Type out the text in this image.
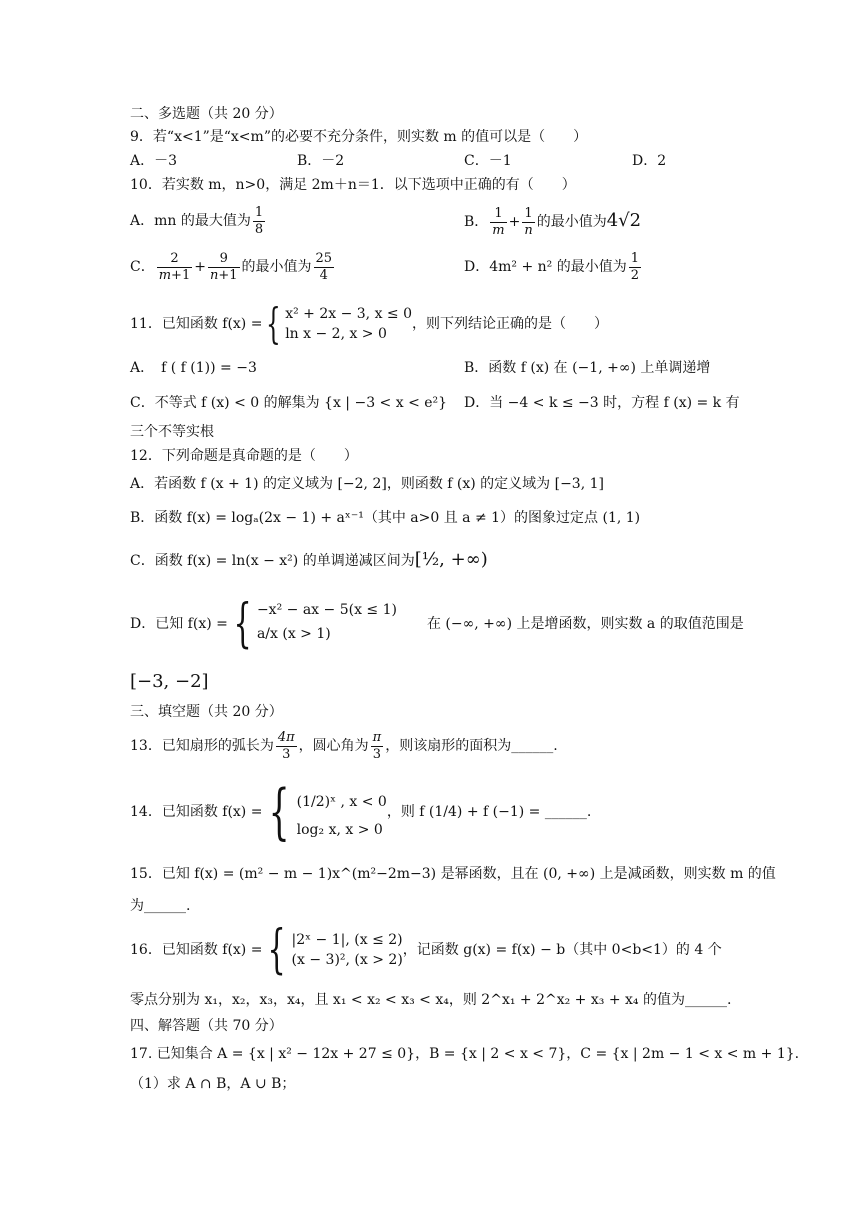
二、多选题（共 20 分）
9．若“x<1”是“x<m”的必要不充分条件，则实数 m 的值可以是（　　）
A．－3	B．－2	C．－1	D．2
10．若实数 m，n>0，满足 2m＋n＝1．以下选项中正确的有（　　）
A．mn 的最大值为 $\frac{1}{8}$	B． $\frac{1}{m} + \frac{1}{n}$ 的最小值为4√2
C． $\frac{2}{m+1} + \frac{9}{n+1}$ 的最小值为 $\frac{25}{4}$	D．4m² + n² 的最小值为 $\frac{1}{2}$
11．已知函数 f(x) ={ x² + 2x − 3, x ≤ 0
ln x − 2, x > 0
，则下列结论正确的是（　　）
A．　f ( f (1)) = −3	B．函数 f (x) 在 (−1, +∞) 上单调递增
C．不等式 f (x) < 0 的解集为 {x | −3 < x < e²} D．当 −4 < k ≤ −3 时，方程 f (x) = k 有
三个不等实根
12．下列命题是真命题的是（　　）
A．若函数 f (x + 1) 的定义域为 [−2, 2]，则函数 f (x) 的定义域为 [−3, 1]
B．函数 f(x) = logₐ(2x − 1) + aˣ⁻¹（其中 a>0 且 a ≠ 1）的图象过定点 (1, 1)
C．函数 f(x) = ln(x − x²) 的单调递减区间为[½, +∞)
D．已知 f(x) = { −x² − ax − 5(x ≤ 1)
a/x (x > 1)
在 (−∞, +∞) 上是增函数，则实数 a 的取值范围是
[−3, −2]
三、填空题（共 20 分）
13．已知扇形的弧长为 $\frac{4\pi}{3}$ ，圆心角为 $\frac{\pi}{3}$ ，则该扇形的面积为______.
14．已知函数 f(x) = { (1/2)ˣ , x < 0
log₂ x, x > 0
，则 f (1/4) + f (−1) = ______.
15．已知 f(x) = (m² − m − 1)x^(m²−2m−3) 是幂函数，且在 (0, +∞) 上是减函数，则实数 m 的值
为______.
16．已知函数 f(x) = { |2ˣ − 1|, (x ≤ 2)
(x − 3)², (x > 2)
，记函数 g(x) = f(x) − b（其中 0<b<1）的 4 个
零点分别为 x₁，x₂，x₃，x₄，且 x₁ < x₂ < x₃ < x₄，则 2^x₁ + 2^x₂ + x₃ + x₄ 的值为______.
四、解答题（共 70 分）
17. 已知集合 A = {x | x² − 12x + 27 ≤ 0}，B = {x | 2 < x < 7}，C = {x | 2m − 1 < x < m + 1}.
（1）求 A ∩ B，A ∪ B；
